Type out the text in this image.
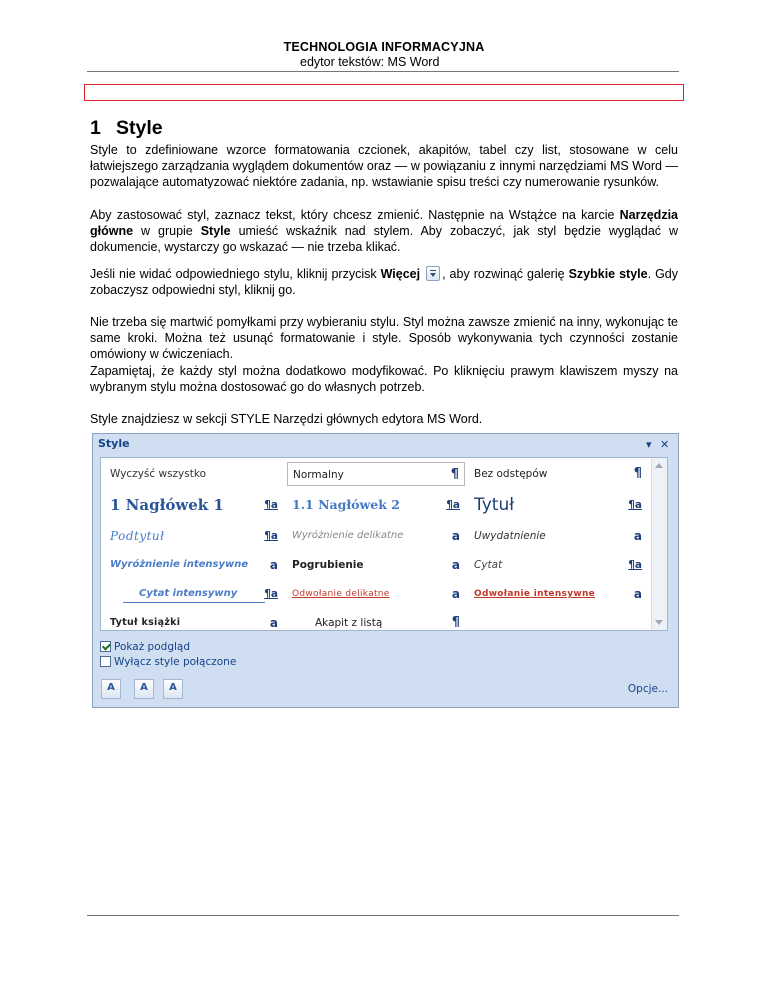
TECHNOLOGIA INFORMACYJNA
edytor tekstów: MS Word
1 Style
Style to zdefiniowane wzorce formatowania czcionek, akapitów, tabel czy list, stosowane w celu łatwiejszego zarządzania wyglądem dokumentów oraz — w powiązaniu z innymi narzędziami MS Word — pozwalające automatyzować niektóre zadania, np. wstawianie spisu treści czy numerowanie rysunków.
Aby zastosować styl, zaznacz tekst, który chcesz zmienić. Następnie na Wstążce na karcie Narzędzia główne w grupie Style umieść wskaźnik nad stylem. Aby zobaczyć, jak styl będzie wyglądać w dokumencie, wystarczy go wskazać — nie trzeba klikać.
Jeśli nie widać odpowiedniego stylu, kliknij przycisk Więcej , aby rozwinąć galerię Szybkie style. Gdy zobaczysz odpowiedni styl, kliknij go.
Nie trzeba się martwić pomyłkami przy wybieraniu stylu. Styl można zawsze zmienić na inny, wykonując te same kroki. Można też usunąć formatowanie i style. Sposób wykonywania tych czynności zostanie omówiony w ćwiczeniach.
Zapamiętaj, że każdy styl można dodatkowo modyfikować. Po kliknięciu prawym klawiszem myszy na wybranym stylu można dostosować go do własnych potrzeb.
Style znajdziesz w sekcji STYLE Narzędzi głównych edytora MS Word.
Style	▾ ✕
Wyczyść wszystko	Normalny	¶ Bez odstępów	¶
1 Nagłówek 1	¶a 1.1 Nagłówek 2	¶a Tytuł	¶a
Podtytuł	¶a Wyróżnienie delikatne	a Uwydatnienie	a
Wyróżnienie intensywne a Pogrubienie	a Cytat	¶a
Cytat intensywny	¶a Odwołanie delikatne	a Odwołanie intensywne	a
Tytuł książki	a	Akapit z listą	¶
Pokaż podgląd
Wyłącz style połączone
A	A	A	Opcje...
